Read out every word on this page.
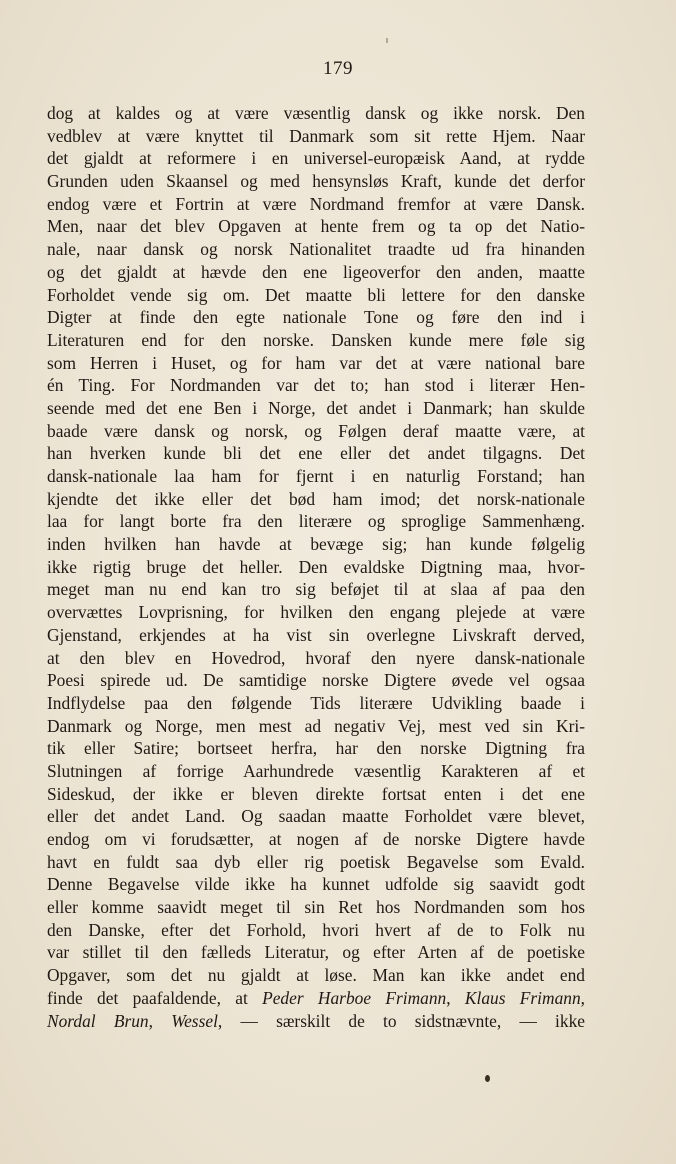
179
dog at kaldes og at være væsentlig dansk og ikke norsk. Den
vedblev at være knyttet til Danmark som sit rette Hjem. Naar
det gjaldt at reformere i en universel-europæisk Aand, at rydde
Grunden uden Skaansel og med hensynsløs Kraft, kunde det derfor
endog være et Fortrin at være Nordmand fremfor at være Dansk.
Men, naar det blev Opgaven at hente frem og ta op det Natio-
nale, naar dansk og norsk Nationalitet traadte ud fra hinanden
og det gjaldt at hævde den ene ligeoverfor den anden, maatte
Forholdet vende sig om. Det maatte bli lettere for den danske
Digter at finde den egte nationale Tone og føre den ind i
Literaturen end for den norske. Dansken kunde mere føle sig
som Herren i Huset, og for ham var det at være national bare
én Ting. For Nordmanden var det to; han stod i literær Hen-
seende med det ene Ben i Norge, det andet i Danmark; han skulde
baade være dansk og norsk, og Følgen deraf maatte være, at
han hverken kunde bli det ene eller det andet tilgagns. Det
dansk-nationale laa ham for fjernt i en naturlig Forstand; han
kjendte det ikke eller det bød ham imod; det norsk-nationale
laa for langt borte fra den literære og sproglige Sammenhæng.
inden hvilken han havde at bevæge sig; han kunde følgelig
ikke rigtig bruge det heller. Den evaldske Digtning maa, hvor-
meget man nu end kan tro sig beføjet til at slaa af paa den
overvættes Lovprisning, for hvilken den engang plejede at være
Gjenstand, erkjendes at ha vist sin overlegne Livskraft derved,
at den blev en Hovedrod, hvoraf den nyere dansk-nationale
Poesi spirede ud. De samtidige norske Digtere øvede vel ogsaa
Indflydelse paa den følgende Tids literære Udvikling baade i
Danmark og Norge, men mest ad negativ Vej, mest ved sin Kri-
tik eller Satire; bortseet herfra, har den norske Digtning fra
Slutningen af forrige Aarhundrede væsentlig Karakteren af et
Sideskud, der ikke er bleven direkte fortsat enten i det ene
eller det andet Land. Og saadan maatte Forholdet være blevet,
endog om vi forudsætter, at nogen af de norske Digtere havde
havt en fuldt saa dyb eller rig poetisk Begavelse som Evald.
Denne Begavelse vilde ikke ha kunnet udfolde sig saavidt godt
eller komme saavidt meget til sin Ret hos Nordmanden som hos
den Danske, efter det Forhold, hvori hvert af de to Folk nu
var stillet til den fælleds Literatur, og efter Arten af de poetiske
Opgaver, som det nu gjaldt at løse. Man kan ikke andet end
finde det paafaldende, at Peder Harboe Frimann, Klaus Frimann,
Nordal Brun, Wessel, — særskilt de to sidstnævnte, — ikke
